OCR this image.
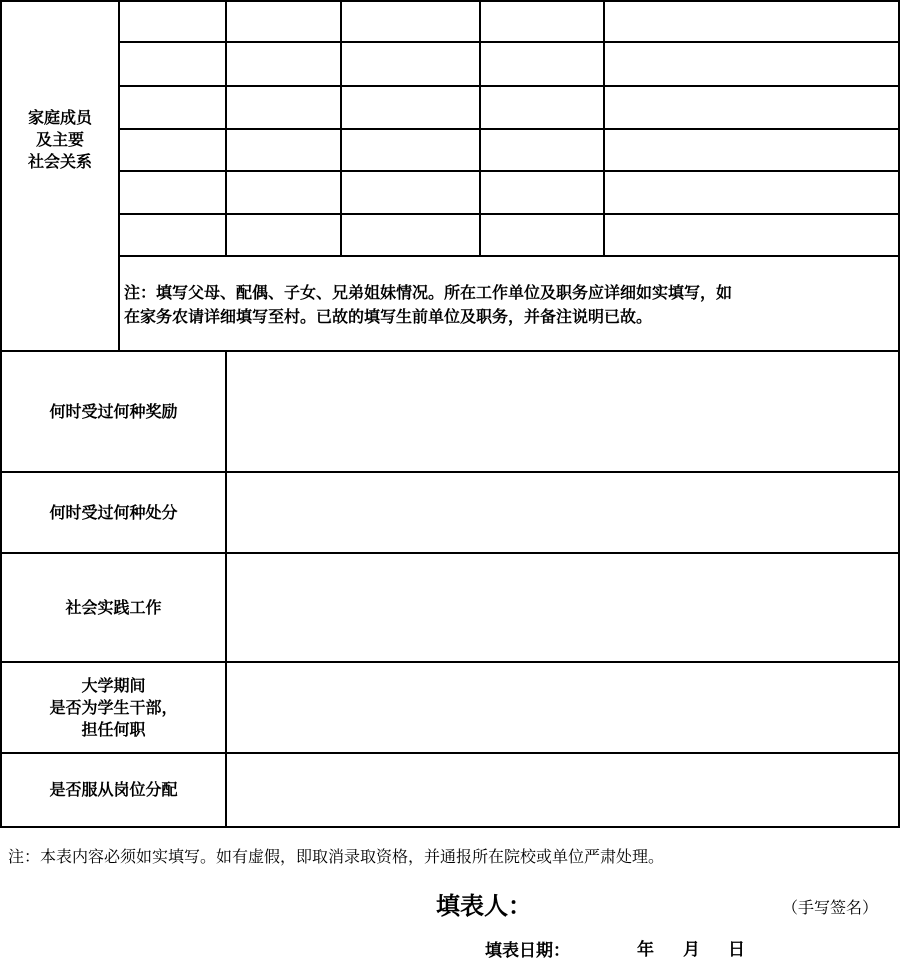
家庭成员
及主要
社会关系
注：填写父母、配偶、子女、兄弟姐妹情况。所在工作单位及职务应详细如实填写，如
在家务农请详细填写至村。已故的填写生前单位及职务，并备注说明已故。
何时受过何种奖励
何时受过何种处分
社会实践工作
大学期间
是否为学生干部，
担任何职
是否服从岗位分配
注：本表内容必须如实填写。如有虚假，即取消录取资格，并通报所在院校或单位严肃处理。
填表人：	（手写签名）
填表日期：	年 月 日
